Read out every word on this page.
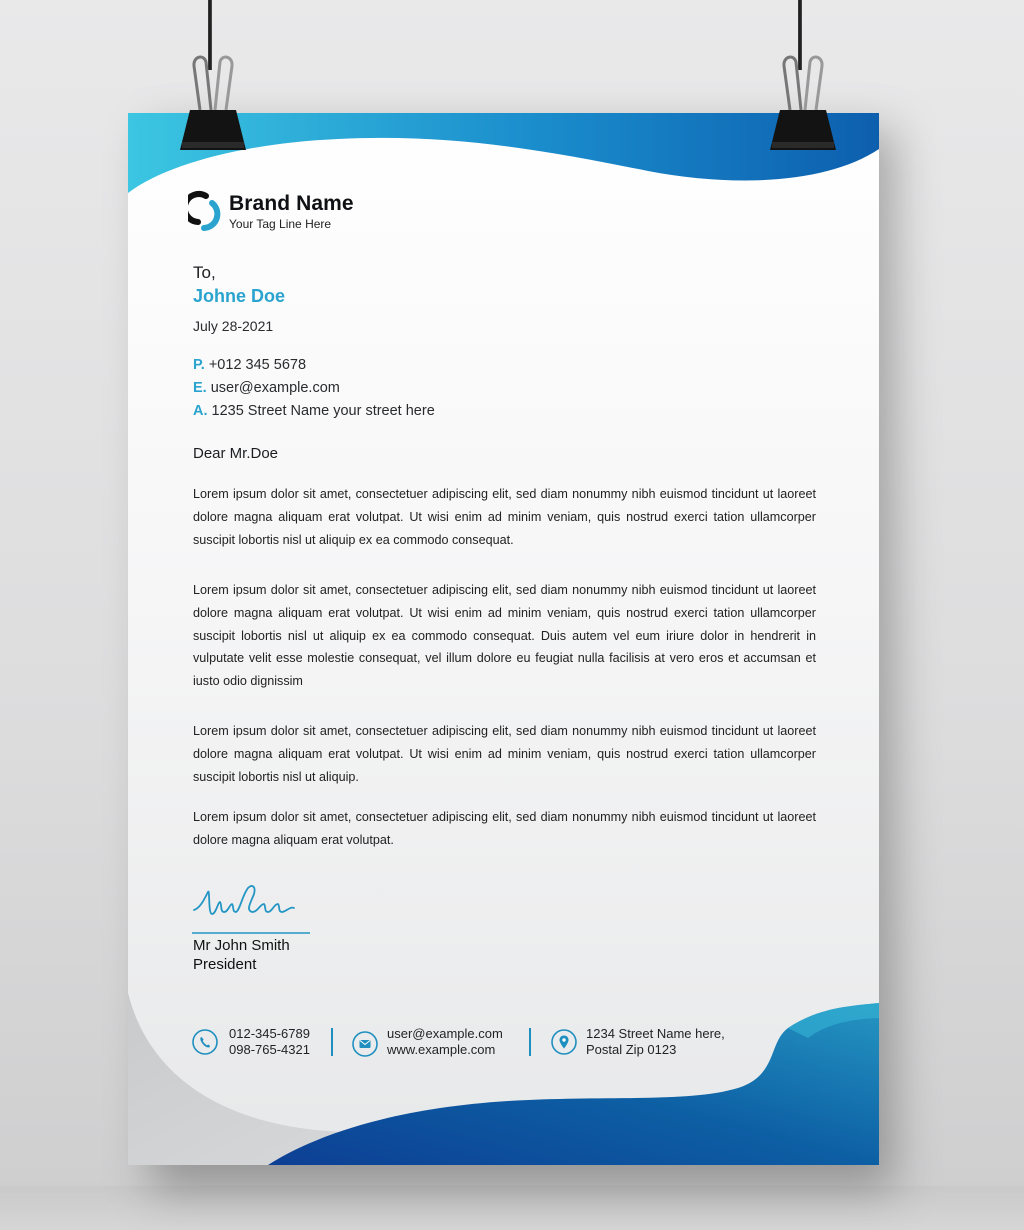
Brand Name
Your Tag Line Here
To,
Johne Doe
July 28-2021
P. +012 345 5678
E. user@example.com
A. 1235 Street Name your street here
Dear Mr.Doe
Lorem ipsum dolor sit amet, consectetuer adipiscing elit, sed diam nonummy nibh euismod tincidunt ut laoreet dolore magna aliquam erat volutpat. Ut wisi enim ad minim veniam, quis nostrud exerci tation ullamcorper suscipit lobortis nisl ut aliquip ex ea commodo consequat.
Lorem ipsum dolor sit amet, consectetuer adipiscing elit, sed diam nonummy nibh euismod tincidunt ut laoreet dolore magna aliquam erat volutpat. Ut wisi enim ad minim veniam, quis nostrud exerci tation ullamcorper suscipit lobortis nisl ut aliquip ex ea commodo consequat. Duis autem vel eum iriure dolor in hendrerit in vulputate velit esse molestie consequat, vel illum dolore eu feugiat nulla facilisis at vero eros et accumsan et iusto odio dignissim
Lorem ipsum dolor sit amet, consectetuer adipiscing elit, sed diam nonummy nibh euismod tincidunt ut laoreet dolore magna aliquam erat volutpat. Ut wisi enim ad minim veniam, quis nostrud exerci tation ullamcorper suscipit lobortis nisl ut aliquip.
Lorem ipsum dolor sit amet, consectetuer adipiscing elit, sed diam nonummy nibh euismod tincidunt ut laoreet dolore magna aliquam erat volutpat.
Mr John Smith
President
012-345-6789
098-765-4321
user@example.com
www.example.com
1234 Street Name here,
Postal Zip 0123
